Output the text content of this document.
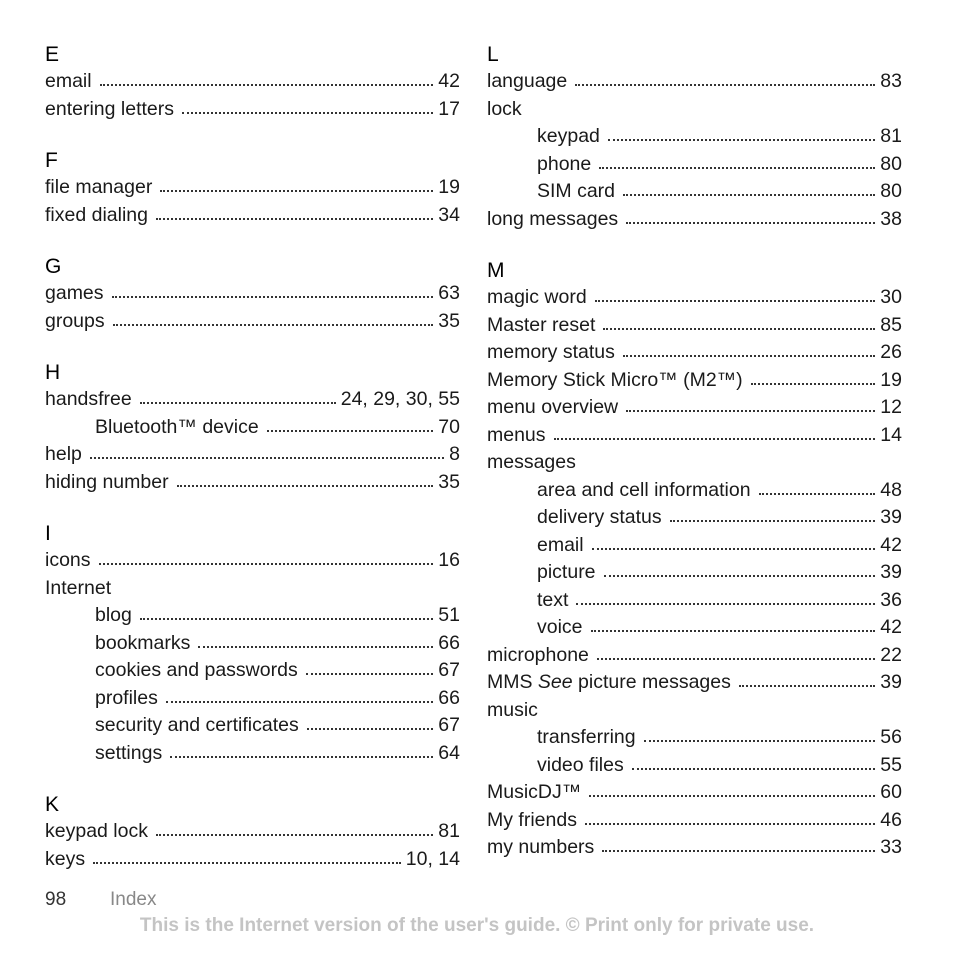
E
email	42
entering letters	17
F
file manager	19
fixed dialing	34
G
games	63
groups	35
H
handsfree	24, 29, 30, 55
Bluetooth™ device	70
help	8
hiding number	35
I
icons	16
Internet
blog	51
bookmarks	66
cookies and passwords	67
profiles	66
security and certificates	67
settings	64
K
keypad lock	81
keys	10, 14
L
language	83
lock
keypad	81
phone	80
SIM card	80
long messages	38
M
magic word	30
Master reset	85
memory status	26
Memory Stick Micro™ (M2™)	19
menu overview	12
menus	14
messages
area and cell information	48
delivery status	39
email	42
picture	39
text	36
voice	42
microphone	22
MMS See picture messages	39
music
transferring	56
video files	55
MusicDJ™	60
My friends	46
my numbers	33
98 Index
This is the Internet version of the user's guide. © Print only for private use.
